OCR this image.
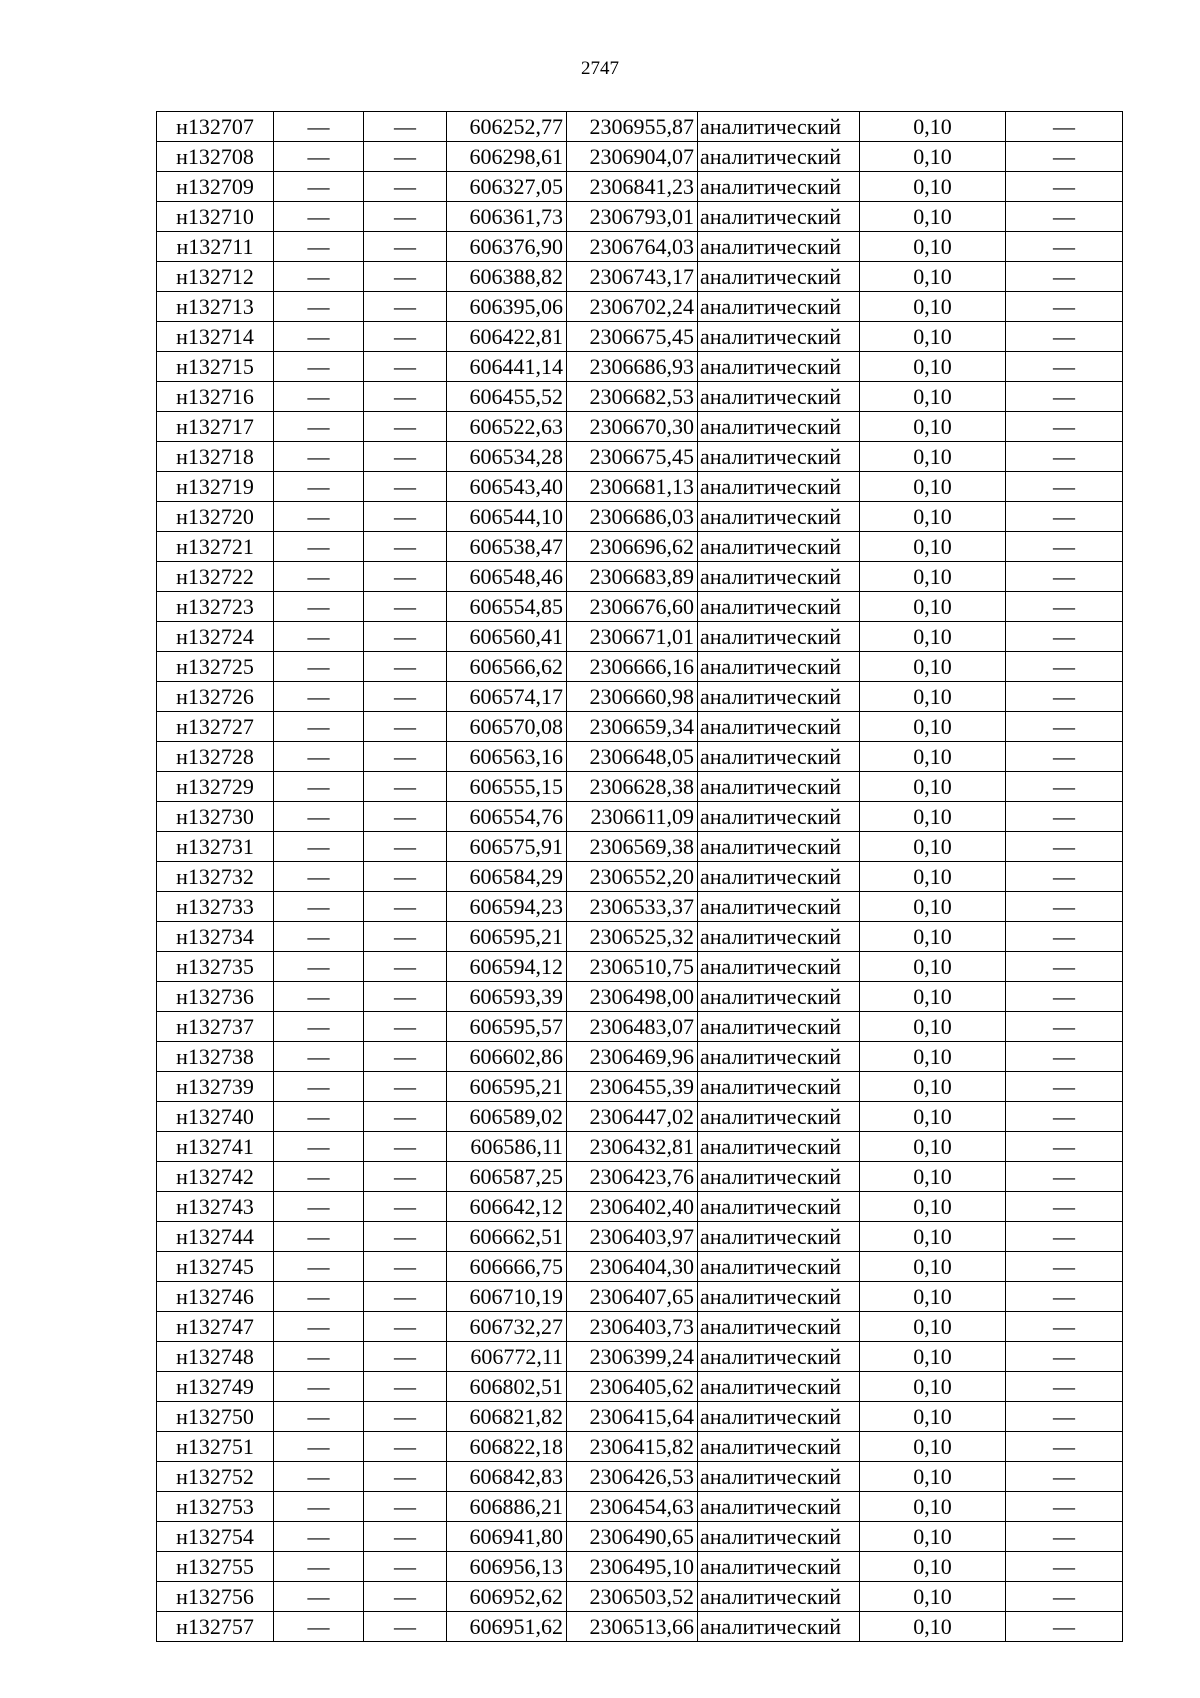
2747
н132707	—	—	606252,77	2306955,87	аналитический	0,10	—
н132708	—	—	606298,61	2306904,07	аналитический	0,10	—
н132709	—	—	606327,05	2306841,23	аналитический	0,10	—
н132710	—	—	606361,73	2306793,01	аналитический	0,10	—
н132711	—	—	606376,90	2306764,03	аналитический	0,10	—
н132712	—	—	606388,82	2306743,17	аналитический	0,10	—
н132713	—	—	606395,06	2306702,24	аналитический	0,10	—
н132714	—	—	606422,81	2306675,45	аналитический	0,10	—
н132715	—	—	606441,14	2306686,93	аналитический	0,10	—
н132716	—	—	606455,52	2306682,53	аналитический	0,10	—
н132717	—	—	606522,63	2306670,30	аналитический	0,10	—
н132718	—	—	606534,28	2306675,45	аналитический	0,10	—
н132719	—	—	606543,40	2306681,13	аналитический	0,10	—
н132720	—	—	606544,10	2306686,03	аналитический	0,10	—
н132721	—	—	606538,47	2306696,62	аналитический	0,10	—
н132722	—	—	606548,46	2306683,89	аналитический	0,10	—
н132723	—	—	606554,85	2306676,60	аналитический	0,10	—
н132724	—	—	606560,41	2306671,01	аналитический	0,10	—
н132725	—	—	606566,62	2306666,16	аналитический	0,10	—
н132726	—	—	606574,17	2306660,98	аналитический	0,10	—
н132727	—	—	606570,08	2306659,34	аналитический	0,10	—
н132728	—	—	606563,16	2306648,05	аналитический	0,10	—
н132729	—	—	606555,15	2306628,38	аналитический	0,10	—
н132730	—	—	606554,76	2306611,09	аналитический	0,10	—
н132731	—	—	606575,91	2306569,38	аналитический	0,10	—
н132732	—	—	606584,29	2306552,20	аналитический	0,10	—
н132733	—	—	606594,23	2306533,37	аналитический	0,10	—
н132734	—	—	606595,21	2306525,32	аналитический	0,10	—
н132735	—	—	606594,12	2306510,75	аналитический	0,10	—
н132736	—	—	606593,39	2306498,00	аналитический	0,10	—
н132737	—	—	606595,57	2306483,07	аналитический	0,10	—
н132738	—	—	606602,86	2306469,96	аналитический	0,10	—
н132739	—	—	606595,21	2306455,39	аналитический	0,10	—
н132740	—	—	606589,02	2306447,02	аналитический	0,10	—
н132741	—	—	606586,11	2306432,81	аналитический	0,10	—
н132742	—	—	606587,25	2306423,76	аналитический	0,10	—
н132743	—	—	606642,12	2306402,40	аналитический	0,10	—
н132744	—	—	606662,51	2306403,97	аналитический	0,10	—
н132745	—	—	606666,75	2306404,30	аналитический	0,10	—
н132746	—	—	606710,19	2306407,65	аналитический	0,10	—
н132747	—	—	606732,27	2306403,73	аналитический	0,10	—
н132748	—	—	606772,11	2306399,24	аналитический	0,10	—
н132749	—	—	606802,51	2306405,62	аналитический	0,10	—
н132750	—	—	606821,82	2306415,64	аналитический	0,10	—
н132751	—	—	606822,18	2306415,82	аналитический	0,10	—
н132752	—	—	606842,83	2306426,53	аналитический	0,10	—
н132753	—	—	606886,21	2306454,63	аналитический	0,10	—
н132754	—	—	606941,80	2306490,65	аналитический	0,10	—
н132755	—	—	606956,13	2306495,10	аналитический	0,10	—
н132756	—	—	606952,62	2306503,52	аналитический	0,10	—
н132757	—	—	606951,62	2306513,66	аналитический	0,10	—
